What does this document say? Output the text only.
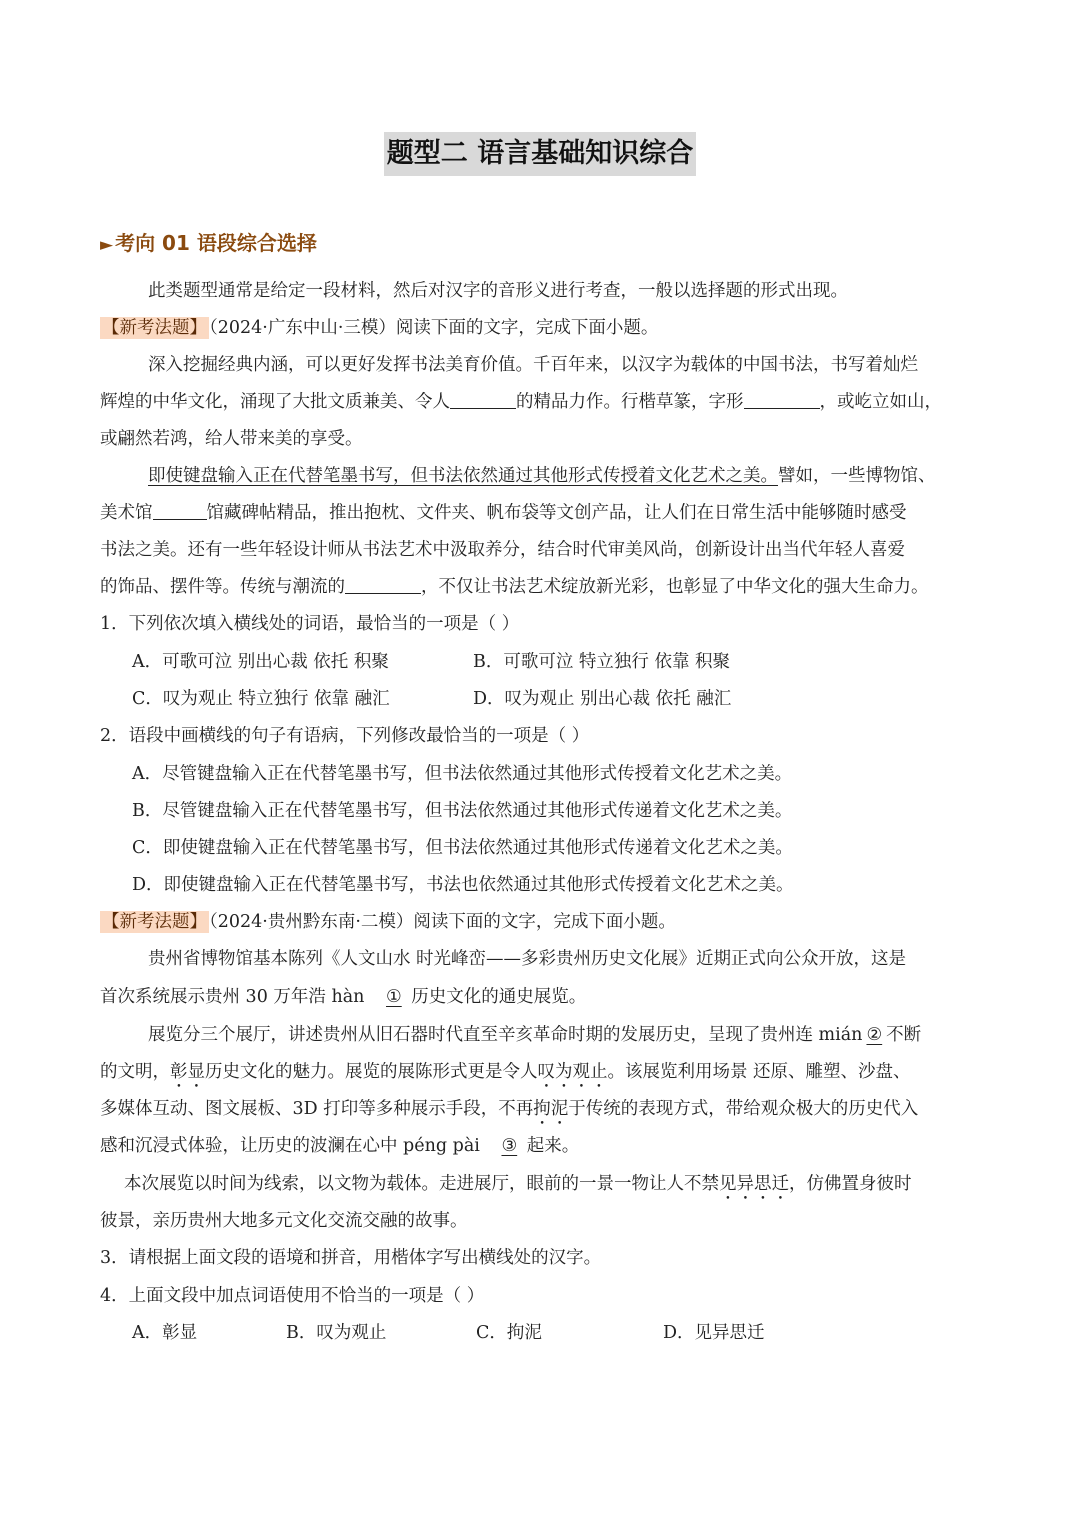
题型二 语言基础知识综合
► 考向 01 语段综合选择
此类题型通常是给定一段材料，然后对汉字的音形义进行考查，一般以选择题的形式出现。
【新考法题】 （2024·广东中山·三模）阅读下面的文字，完成下面小题。
深入挖掘经典内涵，可以更好发挥书法美育价值。千百年来，以汉字为载体的中国书法，书写着灿烂
辉煌的中华文化，涌现了大批文质兼美、令人	的精品力作。行楷草篆，字形	，或屹立如山，
或翩然若鸿，给人带来美的享受。
即使键盘输入正在代替笔墨书写，但书法依然通过其他形式传授着文化艺术之美。譬如，一些博物馆、
美术馆	馆藏碑帖精品，推出抱枕、文件夹、帆布袋等文创产品，让人们在日常生活中能够随时感受
书法之美。还有一些年轻设计师从书法艺术中汲取养分，结合时代审美风尚，创新设计出当代年轻人喜爱
的饰品、摆件等。传统与潮流的	，不仅让书法艺术绽放新光彩，也彰显了中华文化的强大生命力。
1．下列依次填入横线处的词语，最恰当的一项是（ ）
A．可歌可泣 别出心裁 依托 积聚	B．可歌可泣 特立独行 依靠 积聚
C．叹为观止 特立独行 依靠 融汇	D．叹为观止 别出心裁 依托 融汇
2．语段中画横线的句子有语病，下列修改最恰当的一项是（ ）
A．尽管键盘输入正在代替笔墨书写，但书法依然通过其他形式传授着文化艺术之美。
B．尽管键盘输入正在代替笔墨书写，但书法依然通过其他形式传递着文化艺术之美。
C．即使键盘输入正在代替笔墨书写，但书法依然通过其他形式传递着文化艺术之美。
D．即使键盘输入正在代替笔墨书写，书法也依然通过其他形式传授着文化艺术之美。
【新考法题】 （2024·贵州黔东南·二模）阅读下面的文字，完成下面小题。
贵州省博物馆基本陈列《人文山水 时光峰峦——多彩贵州历史文化展》近期正式向公众开放，这是
首次系统展示贵州 30 万年浩 hàn ① 历史文化的通史展览。
展览分三个展厅，讲述贵州从旧石器时代直至辛亥革命时期的发展历史，呈现了贵州连 mián ② 不断
的文明，彰显历史文化的魅力。展览的展陈形式更是令人叹为观止。该展览利用场景 还原、雕塑、沙盘、
多媒体互动、图文展板、3D 打印等多种展示手段，不再拘泥于传统的表现方式，带给观众极大的历史代入
感和沉浸式体验，让历史的波澜在心中 péng pài ③ 起来。
本次展览以时间为线索，以文物为载体。走进展厅，眼前的一景一物让人不禁见异思迁，仿佛置身彼时
彼景，亲历贵州大地多元文化交流交融的故事。
3．请根据上面文段的语境和拼音，用楷体字写出横线处的汉字。
4．上面文段中加点词语使用不恰当的一项是（ ）
A．彰显	B．叹为观止	C．拘泥	D．见异思迁
